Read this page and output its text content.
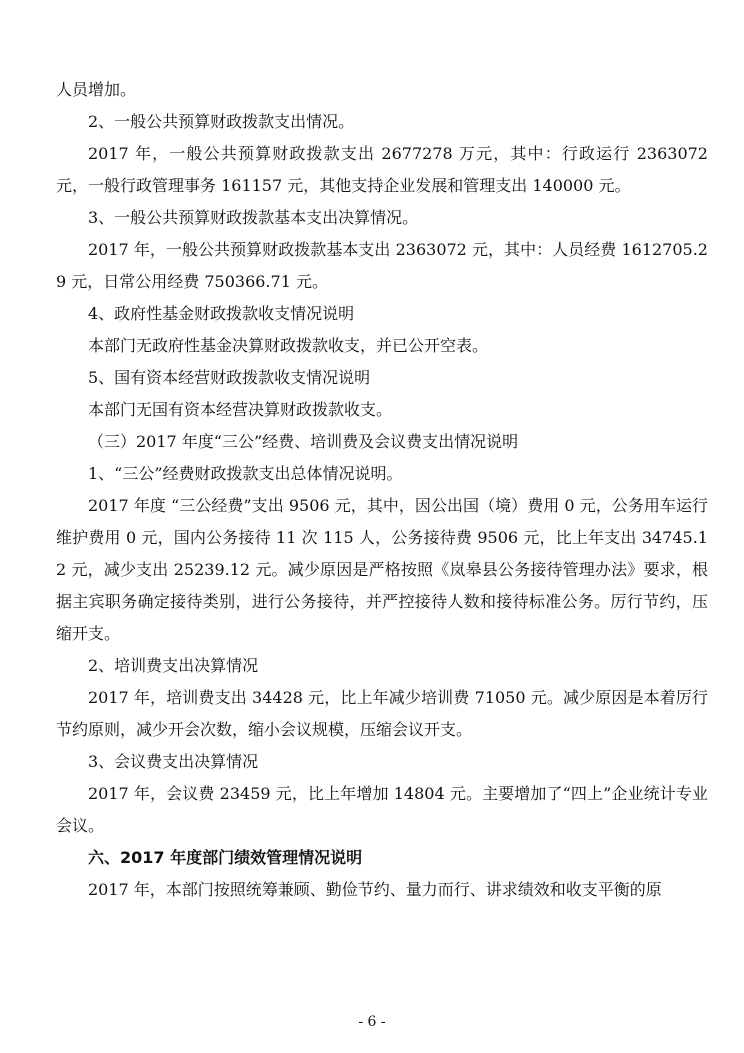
人员增加。

2、一般公共预算财政拨款支出情况。

2017 年，一般公共预算财政拨款支出 2677278 万元，其中：行政运行 2363072 元，一般行政管理事务 161157 元，其他支持企业发展和管理支出 140000 元。

3、一般公共预算财政拨款基本支出决算情况。

2017 年，一般公共预算财政拨款基本支出 2363072 元，其中：人员经费 1612705.29 元，日常公用经费 750366.71 元。

4、政府性基金财政拨款收支情况说明

本部门无政府性基金决算财政拨款收支，并已公开空表。

5、国有资本经营财政拨款收支情况说明

本部门无国有资本经营决算财政拨款收支。

（三）2017 年度“三公”经费、培训费及会议费支出情况说明

1、“三公”经费财政拨款支出总体情况说明。

2017 年度 “三公经费”支出 9506 元，其中，因公出国（境）费用 0 元，公务用车运行维护费用 0 元，国内公务接待 11 次 115 人，公务接待费 9506 元，比上年支出 34745.12 元，减少支出 25239.12 元。减少原因是严格按照《岚皋县公务接待管理办法》要求，根据主宾职务确定接待类别，进行公务接待，并严控接待人数和接待标准公务。厉行节约，压缩开支。

2、培训费支出决算情况

2017 年，培训费支出 34428 元，比上年减少培训费 71050 元。减少原因是本着厉行节约原则，减少开会次数，缩小会议规模，压缩会议开支。

3、会议费支出决算情况

2017 年，会议费 23459 元，比上年增加 14804 元。主要增加了“四上”企业统计专业会议。

六、2017 年度部门绩效管理情况说明

2017 年，本部门按照统筹兼顾、勤俭节约、量力而行、讲求绩效和收支平衡的原

- 6 -
